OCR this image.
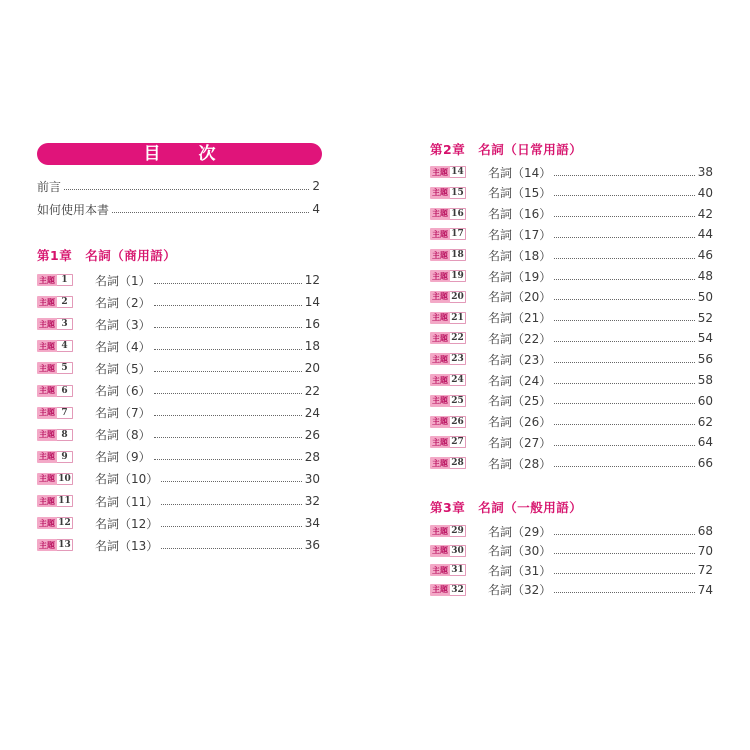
目 次
前言	2
如何使用本書	4
第1章　名詞（商用語）
第2章　名詞（日常用語）
第3章　名詞（一般用語）
主題 1	名詞（1）	12
主題 2	名詞（2）	14
主題 3	名詞（3）	16
主題 4	名詞（4）	18
主題 5	名詞（5）	20
主題 6	名詞（6）	22
主題 7	名詞（7）	24
主題 8	名詞（8）	26
主題 9	名詞（9）	28
主題 10 名詞（10）	30
主題 11 名詞（11）	32
主題 12 名詞（12）	34
主題 13 名詞（13）	36
主題 14 名詞（14）	38
主題 15 名詞（15）	40
主題 16 名詞（16）	42
主題 17 名詞（17）	44
主題 18 名詞（18）	46
主題 19 名詞（19）	48
主題 20 名詞（20）	50
主題 21 名詞（21）	52
主題 22 名詞（22）	54
主題 23 名詞（23）	56
主題 24 名詞（24）	58
主題 25 名詞（25）	60
主題 26 名詞（26）	62
主題 27 名詞（27）	64
主題 28 名詞（28）	66
主題 29 名詞（29）	68
主題 30 名詞（30）	70
主題 31 名詞（31）	72
主題 32 名詞（32）	74
